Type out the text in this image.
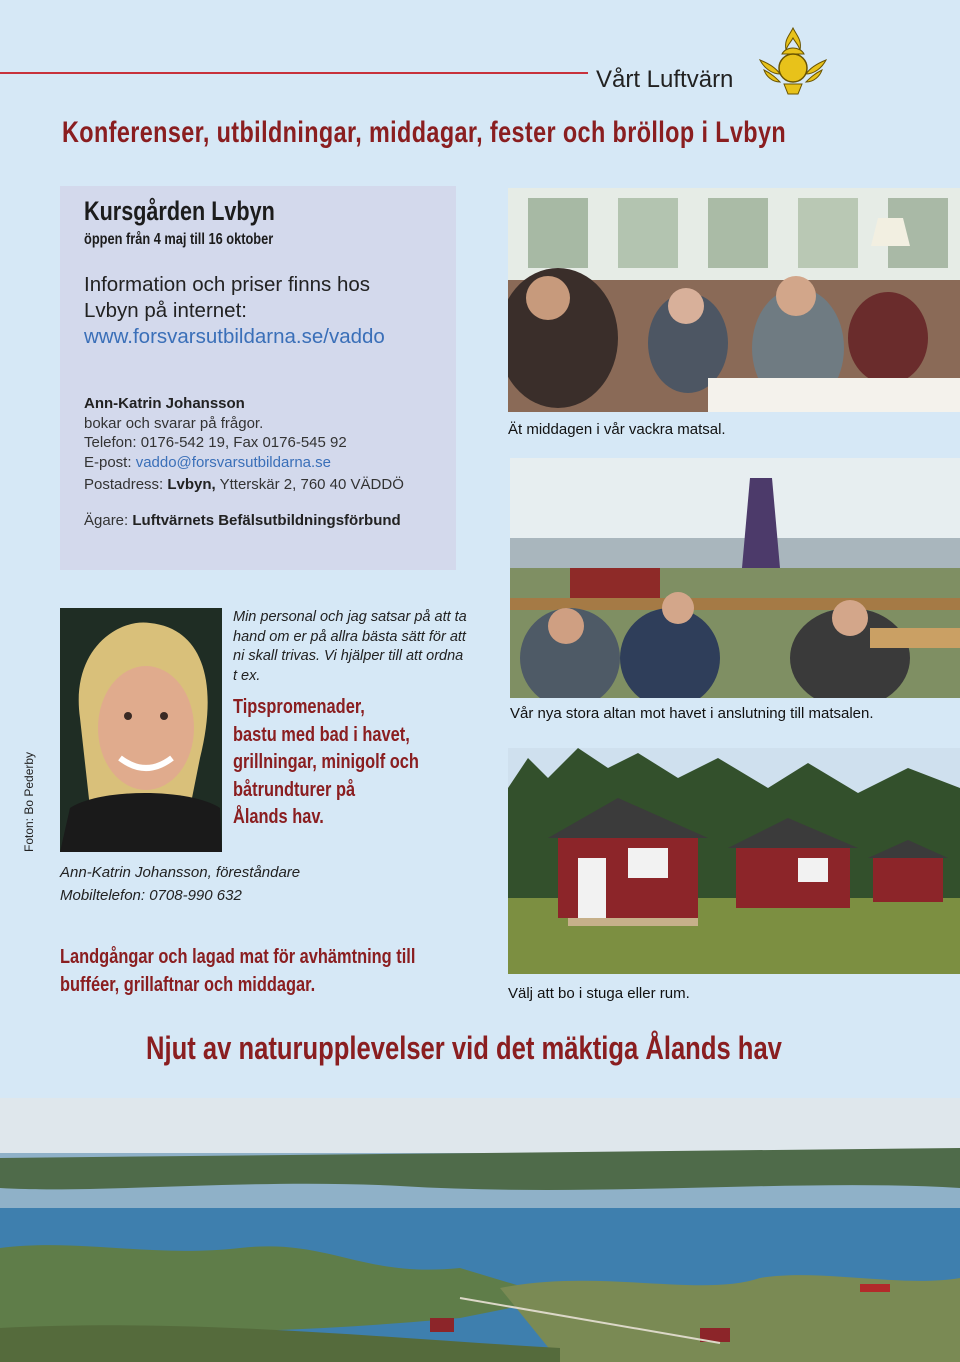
Vårt Luftvärn
Konferenser, utbildningar, middagar, fester och bröllop i Lvbyn
Kursgården Lvbyn
öppen från 4 maj till 16 oktober
Information och priser finns hos
Lvbyn på internet:
www.forsvarsutbildarna.se/vaddo
Ann-Katrin Johansson
bokar och svarar på frågor.
Telefon: 0176-542 19, Fax 0176-545 92
E-post: vaddo@forsvarsutbildarna.se
Postadress: Lvbyn, Ytterskär 2, 760 40 VÄDDÖ
Ägare: Luftvärnets Befälsutbildningsförbund
Ät middagen i vår vackra matsal.
Vår nya stora altan mot havet i anslutning till matsalen.
Välj att bo i stuga eller rum.
Foton: Bo Pederby
Min personal och jag satsar på att ta hand om er på allra bästa sätt för att ni skall trivas. Vi hjälper till att ordna t ex.
Tipspromenader,
bastu med bad i havet,
grillningar, minigolf och
båtrundturer på
Ålands hav.
Ann-Katrin Johansson, föreståndare
Mobiltelefon: 0708-990 632
Landgångar och lagad mat för avhämtning till
bufféer, grillaftnar och middagar.
Njut av naturupplevelser vid det mäktiga Ålands hav
